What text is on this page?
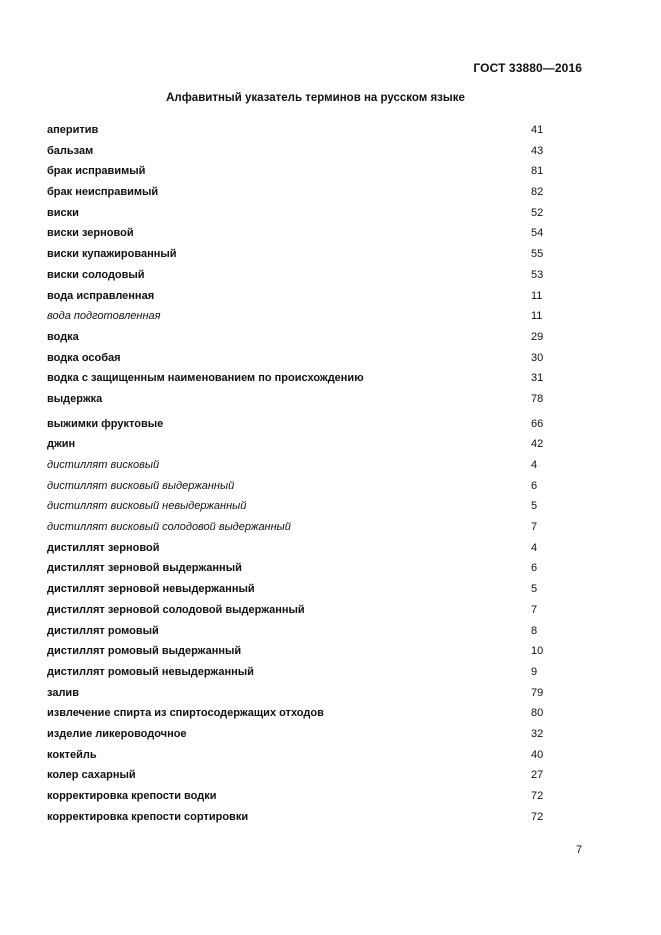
ГОСТ 33880—2016
Алфавитный указатель терминов на русском языке
аперитив	41
бальзам	43
брак исправимый	81
брак неисправимый	82
виски	52
виски зерновой	54
виски купажированный	55
виски солодовый	53
вода исправленная	11
вода подготовленная	11
водка	29
водка особая	30
водка с защищенным наименованием по происхождению	31
выдержка	78
выжимки фруктовые	66
джин	42
дистиллят висковый	4
дистиллят висковый выдержанный	6
дистиллят висковый невыдержанный	5
дистиллят висковый солодовой выдержанный	7
дистиллят зерновой	4
дистиллят зерновой выдержанный	6
дистиллят зерновой невыдержанный	5
дистиллят зерновой солодовой выдержанный	7
дистиллят ромовый	8
дистиллят ромовый выдержанный	10
дистиллят ромовый невыдержанный	9
залив	79
извлечение спирта из спиртосодержащих отходов	80
изделие ликероводочное	32
коктейль	40
колер сахарный	27
корректировка крепости водки	72
корректировка крепости сортировки	72
7
